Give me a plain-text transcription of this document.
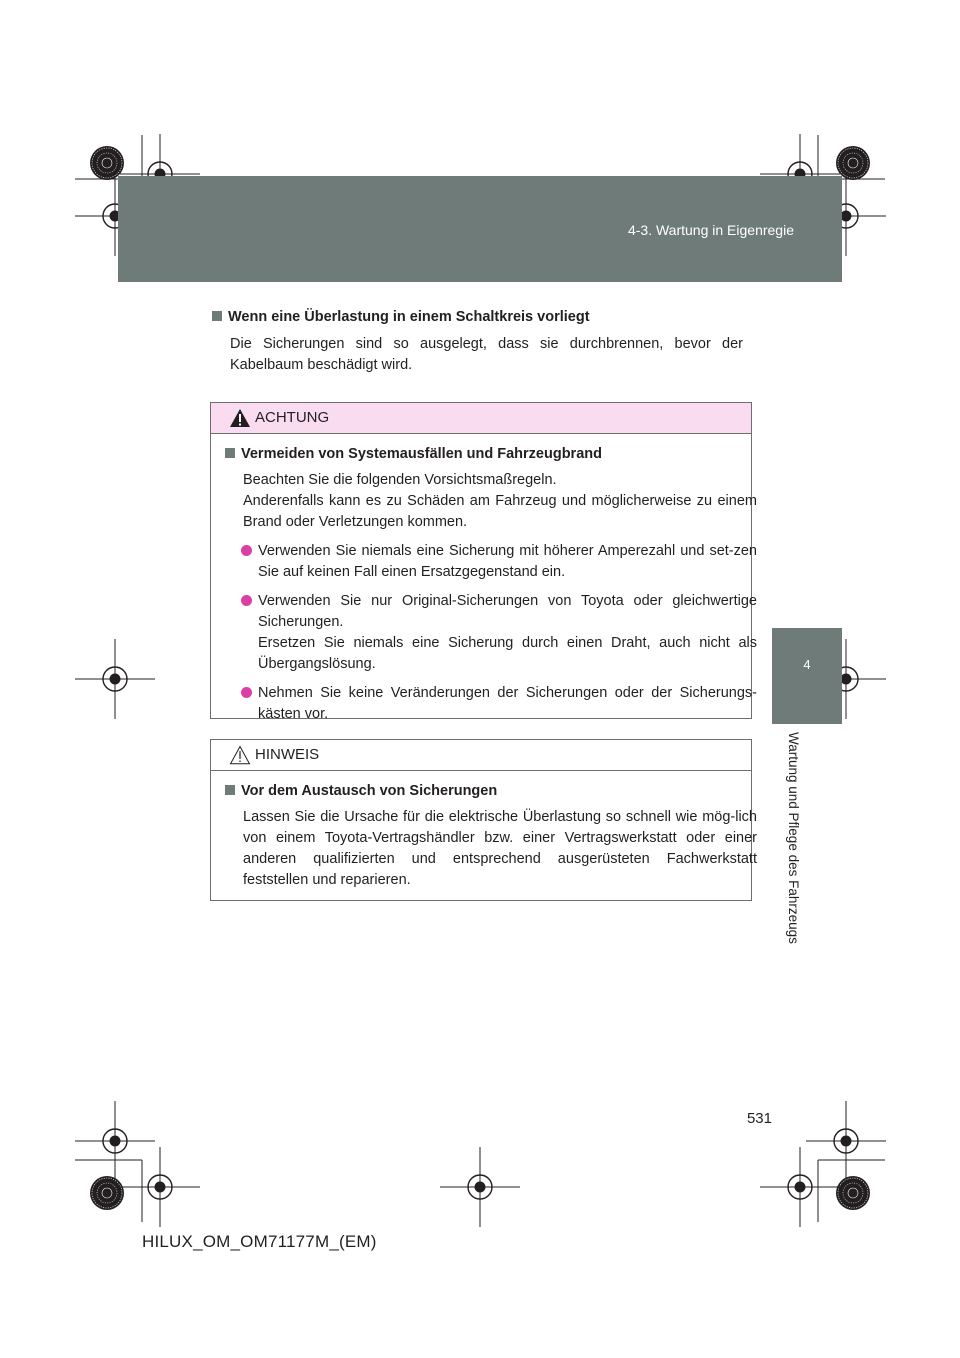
HILUX_OM_OM71177M_(EM).book Page 531 Wednesday, May 16, 2012 1:28 PM
4-3. Wartung in Eigenregie
4
Wartung und Pflege des Fahrzeugs
Wenn eine Überlastung in einem Schaltkreis vorliegt
Die Sicherungen sind so ausgelegt, dass sie durchbrennen, bevor der Kabelbaum beschädigt wird.
ACHTUNG
Vermeiden von Systemausfällen und Fahrzeugbrand
Beachten Sie die folgenden Vorsichtsmaßregeln.
Anderenfalls kann es zu Schäden am Fahrzeug und möglicherweise zu einem Brand oder Verletzungen kommen.
Verwenden Sie niemals eine Sicherung mit höherer Amperezahl und set-zen Sie auf keinen Fall einen Ersatzgegenstand ein.
Verwenden Sie nur Original-Sicherungen von Toyota oder gleichwertige Sicherungen.
Ersetzen Sie niemals eine Sicherung durch einen Draht, auch nicht als Übergangslösung.
Nehmen Sie keine Veränderungen der Sicherungen oder der Sicherungs-kästen vor.
HINWEIS
Vor dem Austausch von Sicherungen
Lassen Sie die Ursache für die elektrische Überlastung so schnell wie mög-lich von einem Toyota-Vertragshändler bzw. einer Vertragswerkstatt oder einer anderen qualifizierten und entsprechend ausgerüsteten Fachwerkstatt feststellen und reparieren.
531
HILUX_OM_OM71177M_(EM)
